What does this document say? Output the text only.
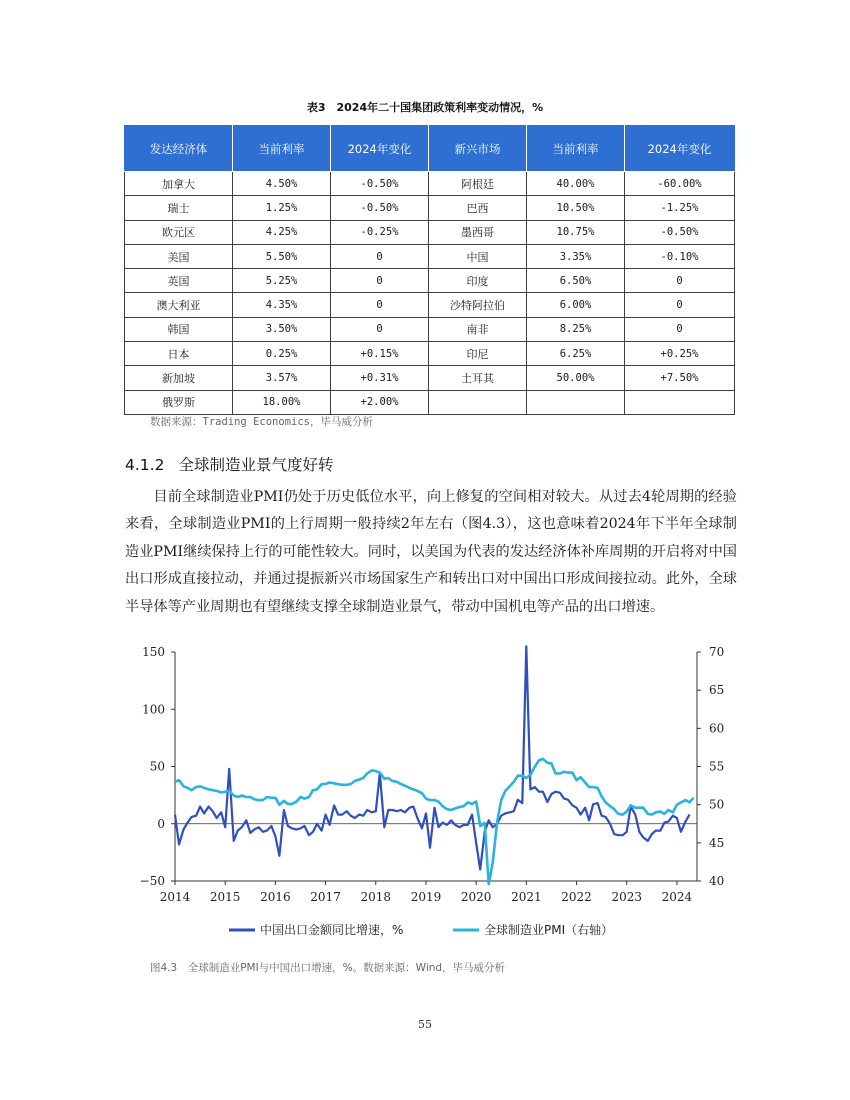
表3　2024年二十国集团政策利率变动情况，%
发达经济体	当前利率	2024年变化	新兴市场	当前利率	2024年变化
加拿大	4.50%	-0.50%	阿根廷	40.00%	-60.00%
瑞士	1.25%	-0.50%	巴西	10.50%	-1.25%
欧元区	4.25%	-0.25%	墨西哥	10.75%	-0.50%
美国	5.50%	0	中国	3.35%	-0.10%
英国	5.25%	0	印度	6.50%	0
澳大利亚	4.35%	0	沙特阿拉伯	6.00%	0
韩国	3.50%	0	南非	8.25%	0
日本	0.25%	+0.15%	印尼	6.25%	+0.25%
新加坡	3.57%	+0.31%	土耳其	50.00%	+7.50%
俄罗斯	18.00%	+2.00%			
数据来源：Trading Economics，毕马威分析
4.1.2 全球制造业景气度好转

目前全球制造业PMI仍处于历史低位水平，向上修复的空间相对较大。从过去4轮周期的经验来看，全球制造业PMI的上行周期一般持续2年左右（图4.3），这也意味着2024年下半年全球制造业PMI继续保持上行的可能性较大。同时，以美国为代表的发达经济体补库周期的开启将对中国出口形成直接拉动，并通过提振新兴市场国家生产和转出口对中国出口形成间接拉动。此外，全球半导体等产业周期也有望继续支撑全球制造业景气，带动中国机电等产品的出口增速。

150
100
50
0
−50
70
65
60
55
50
45
40
2014 2015 2016 2017 2018 2019 2020 2021 2022 2023 2024
中国出口金额同比增速，%	全球制造业PMI（右轴）
图4.3　全球制造业PMI与中国出口增速，%。数据来源：Wind，毕马威分析
55
